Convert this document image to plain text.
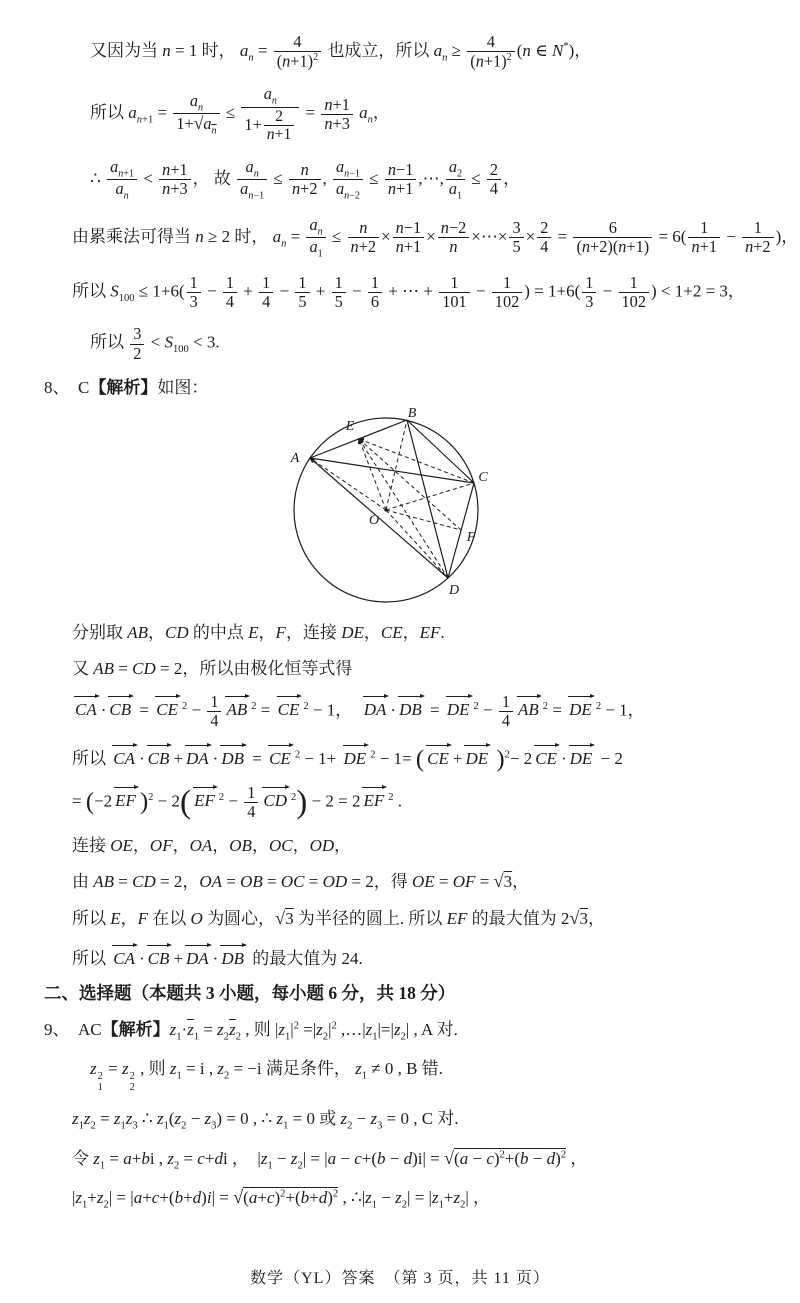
又因为当 n = 1 时， $a_n = \frac{4}{(n+1)^2}$ 也成立，所以 $a_n \ge \frac{4}{(n+1)^2} (n$ ∈ N*)，
所以 $a_{n+1} = \frac{a_n}{1+ √ a_n} \le \frac{a_n}{1+ \frac{2}{n+1}} = \frac{n+1}{n+3} a_n$，
∴ $\frac{a_{n+1}}{a_n} < \frac{n+1}{n+3}$ ， 故 $\frac{a_n}{a_{n-1}} \le \frac{n}{n+2}$ , $\frac{a_{n-1}}{a_{n-2}} \le \frac{n-1}{n+1}$ ,⋯, $\frac{a_2}{a_1} \le \frac{2}{4}$ ，
由累乘法可得当 n ≥ 2 时， $a_n = \frac{a_n}{a_1} \le \frac{n}{n+2} \times \frac{n-1}{n+1} \times \frac{n-2}{n}$ ×⋯× $\frac{3}{5} \times \frac{2}{4} = \frac{6}{(n+2)(n+1)} = 6( \frac{1}{n+1} - \frac{1}{n+2}$ )，
所以 $S_{100} \le 1+6( \frac{1}{3} - \frac{1}{4} + \frac{1}{4} - \frac{1}{5} + \frac{1}{5} - \frac{1}{6}$ + ⋯ + $\frac{1}{101} - \frac{1}{102}$ ) = $1+6( \frac{1}{3} - \frac{1}{102}$ ) < 1+2 = 3，
所以 $\frac{3}{2} < S_{100} < 3$.
8、  C【解析】如图：
A
B
C
D
E
F
O
分别取 AB，CD 的中点 E，F，连接 DE，CE，EF.
又 AB = CD = 2，所以由极化恒等式得
CA · CB = CE $^2 - \frac{1}{4}$ AB $^2$ = CE $^2$ − 1，  DA · DB = DE $^2 - \frac{1}{4}$ AB $^2$ = DE $^2$ − 1，
所以 CA · CB + DA · DB = CE $^2$ − 1+ DE $^2$ − 1= ( CE + DE )$^2$− 2 CE · DE − 2
= (−2 EF )$^2$ − 2( EF $^2 - \frac{1}{4}$ CD $^2$) − 2 = 2 EF $^2$ .
连接 OE，OF，OA，OB，OC，OD，
由 AB = CD = 2，OA = OB = OC = OD = 2，得 OE = OF = √ 3，
所以 E，F 在以 O 为圆心， √ 3 为半径的圆上. 所以 EF 的最大值为 2 √ 3，
所以 CA · CB + DA · DB 的最大值为 24.
二、选择题（本题共 3 小题，每小题 6 分，共 18 分）
9、  AC【解析】$z_1\cdot\overline{z}_1 = z_2\overline{z}_2$ , 则 $|z_1|^2 =|z_2|^2$ $,\dots|z_1|=|z_2|$ , A 对.
z 2
1
= z 2
2
, 则 $z_1 = i$ , $z_2 = -i$ 满足条件， $z_1 \ne 0$ , B 错.
$z_1z_2 = z_1z_3$ ∴ $z_1(z_2 - z_3) = 0$ , ∴ $z_1 = 0$ 或 $z_2 - z_3 = 0$ , C 对.
令 $z_1 = a+bi$ , $z_2 = c+di$ ，  $|z_1 - z_2| = |a - c+(b - d)i|$ = √ $(a - c)^2+(b - d)^2$ ，
$|z_1+z_2| = |a+c+(b+d)i|$ = √ $(a+c)^2+(b+d)^2$ , $\therefore|z_1 - z_2| = |z_1+z_2|$ ，
数学（YL）答案　（第 3 页，共 11 页）
